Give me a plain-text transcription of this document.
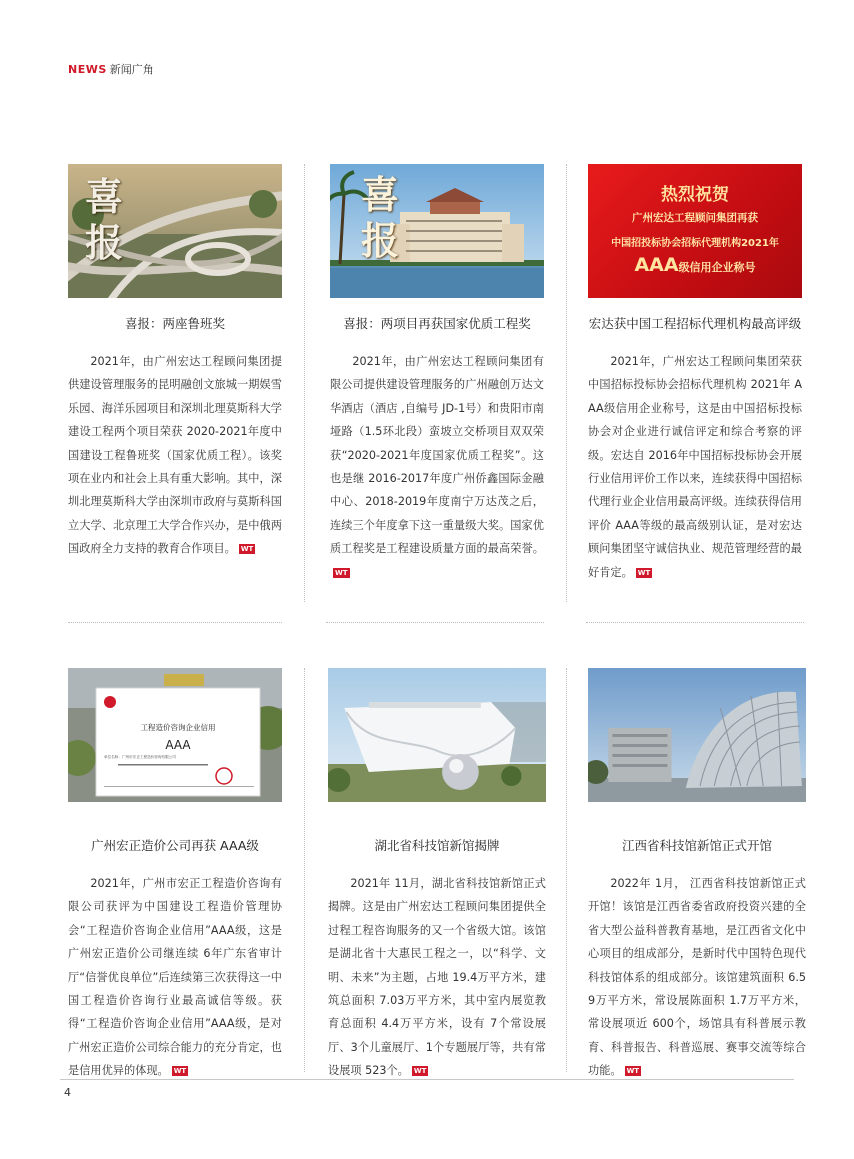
NEWS 新闻广角
喜
报
喜报：两座鲁班奖
2021年，由广州宏达工程顾问集团提供建设管理服务的昆明融创文旅城一期娱雪乐园、海洋乐园项目和深圳北理莫斯科大学建设工程两个项目荣获 2020-2021年度中国建设工程鲁班奖（国家优质工程）。该奖项在业内和社会上具有重大影响。其中，深圳北理莫斯科大学由深圳市政府与莫斯科国立大学、北京理工大学合作兴办，是中俄两国政府全力支持的教育合作项目。 WT
喜
报
喜报：两项目再获国家优质工程奖
2021年，由广州宏达工程顾问集团有限公司提供建设管理服务的广州融创万达文华酒店（酒店 ,自编号 JD-1号）和贵阳市南垭路（1.5环北段）蛮坡立交桥项目双双荣获“2020-2021年度国家优质工程奖”。这也是继 2016-2017年度广州侨鑫国际金融中心、2018-2019年度南宁万达茂之后，连续三个年度拿下这一重量级大奖。国家优质工程奖是工程建设质量方面的最高荣誉。WT
热烈祝贺
广州宏达工程顾问集团再获
中国招投标协会招标代理机构2021年
AAA级信用企业称号
宏达获中国工程招标代理机构最高评级
2021年，广州宏达工程顾问集团荣获中国招标投标协会招标代理机构 2021年 AAA级信用企业称号，这是由中国招标投标协会对企业进行诚信评定和综合考察的评级。宏达自 2016年中国招标投标协会开展行业信用评价工作以来，连续获得中国招标代理行业企业信用最高评级。连续获得信用评价 AAA等级的最高级别认证，是对宏达顾问集团坚守诚信执业、规范管理经营的最好肯定。 WT
工程造价咨询企业信用
AAA
单位名称：广州市宏正工程造价咨询有限公司
广州宏正造价公司再获 AAA级
2021年，广州市宏正工程造价咨询有限公司获评为中国建设工程造价管理协会“工程造价咨询企业信用”AAA级，这是广州宏正造价公司继连续 6年广东省审计厅“信誉优良单位”后连续第三次获得这一中国工程造价咨询行业最高诚信等级。获得“工程造价咨询企业信用”AAA级，是对广州宏正造价公司综合能力的充分肯定，也是信用优异的体现。 WT
湖北省科技馆新馆揭牌
2021年 11月，湖北省科技馆新馆正式揭牌。这是由广州宏达工程顾问集团提供全过程工程咨询服务的又一个省级大馆。该馆是湖北省十大惠民工程之一，以“科学、文明、未来”为主题，占地 19.4万平方米，建筑总面积 7.03万平方米，其中室内展览教育总面积 4.4万平方米，设有 7个常设展厅、3个儿童展厅、1个专题展厅等，共有常设展项 523个。 WT
江西省科技馆新馆正式开馆
2022年 1月， 江西省科技馆新馆正式开馆！该馆是江西省委省政府投资兴建的全省大型公益科普教育基地，是江西省文化中心项目的组成部分，是新时代中国特色现代科技馆体系的组成部分。该馆建筑面积 6.59万平方米，常设展陈面积 1.7万平方米，常设展项近 600个，场馆具有科普展示教育、科普报告、科普巡展、赛事交流等综合功能。 WT
4
